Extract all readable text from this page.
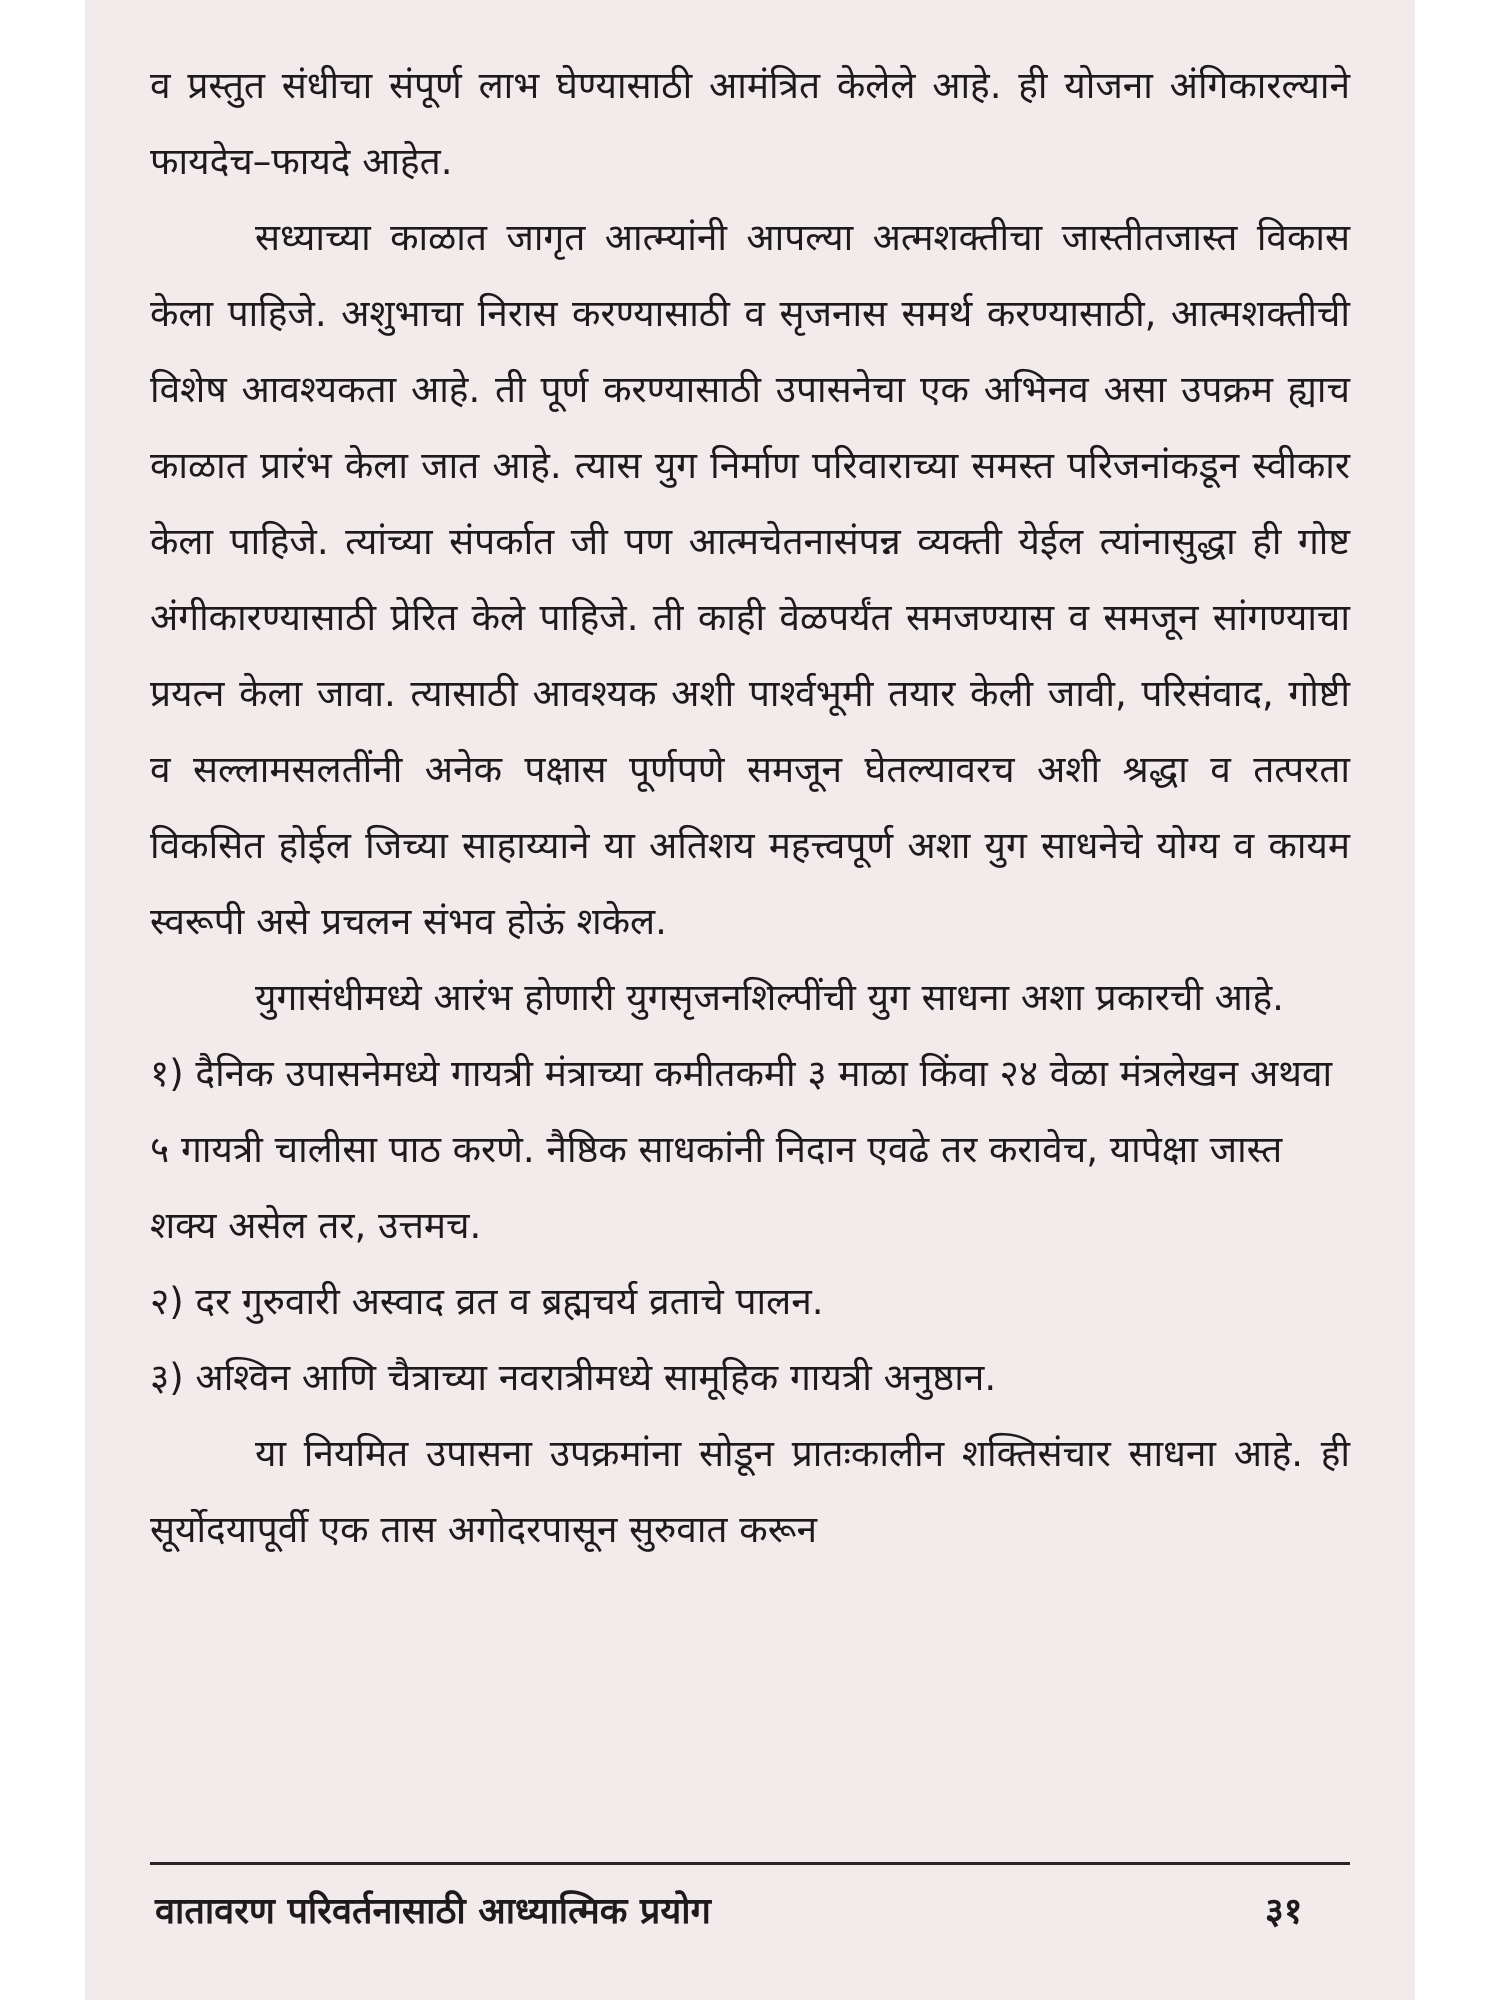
व प्रस्तुत संधीचा संपूर्ण लाभ घेण्यासाठी आमंत्रित केलेले आहे. ही योजना अंगिकारल्याने फायदेच–फायदे आहेत.

सध्याच्या काळात जागृत आत्म्यांनी आपल्या अत्मशक्तीचा जास्तीतजास्त विकास केला पाहिजे. अशुभाचा निरास करण्यासाठी व सृजनास समर्थ करण्यासाठी, आत्मशक्तीची विशेष आवश्यकता आहे. ती पूर्ण करण्यासाठी उपासनेचा एक अभिनव असा उपक्रम ह्याच काळात प्रारंभ केला जात आहे. त्यास युग निर्माण परिवाराच्या समस्त परिजनांकडून स्वीकार केला पाहिजे. त्यांच्या संपर्कात जी पण आत्मचेतनासंपन्न व्यक्ती येईल त्यांनासुद्धा ही गोष्ट अंगीकारण्यासाठी प्रेरित केले पाहिजे. ती काही वेळपर्यंत समजण्यास व समजून सांगण्याचा प्रयत्न केला जावा. त्यासाठी आवश्यक अशी पार्श्वभूमी तयार केली जावी, परिसंवाद, गोष्टी व सल्लामसलतींनी अनेक पक्षास पूर्णपणे समजून घेतल्यावरच अशी श्रद्धा व तत्परता विकसित होईल जिच्या साहाय्याने या अतिशय महत्त्वपूर्ण अशा युग साधनेचे योग्य व कायम स्वरूपी असे प्रचलन संभव होऊं शकेल.

युगासंधीमध्ये आरंभ होणारी युगसृजनशिल्पींची युग साधना अशा प्रकारची आहे.

१) दैनिक उपासनेमध्ये गायत्री मंत्राच्या कमीतकमी ३ माळा किंवा २४ वेळा मंत्रलेखन अथवा ५ गायत्री चालीसा पाठ करणे. नैष्ठिक साधकांनी निदान एवढे तर करावेच, यापेक्षा जास्त शक्य असेल तर, उत्तमच.

२) दर गुरुवारी अस्वाद व्रत व ब्रह्मचर्य व्रताचे पालन.

३) अश्विन आणि चैत्राच्या नवरात्रीमध्ये सामूहिक गायत्री अनुष्ठान.

या नियमित उपासना उपक्रमांना सोडून प्रातःकालीन शक्तिसंचार साधना आहे. ही सूर्योदयापूर्वी एक तास अगोदरपासून सुरुवात करून

वातावरण परिवर्तनासाठी आध्यात्मिक प्रयोग	३१
